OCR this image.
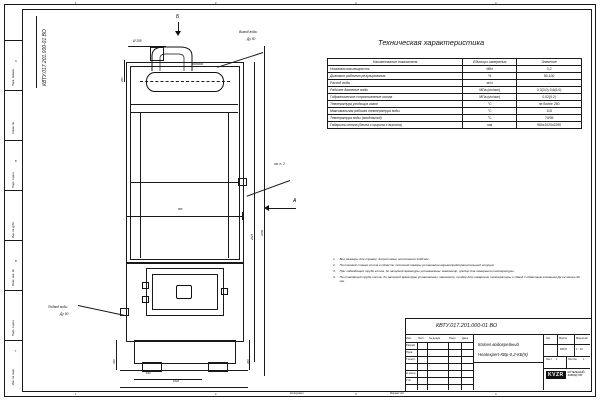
Перв. примен.
Справ. №
Подп. и дата
Инв. № дубл.
Взам. инв. №
Подп. и дата
Инв. № подл.
1	2	3	4
1	2	3	4
A
Б
В
Г
КВТУ.017.201.000-01 ВО
Б
Ø 250
Вывод воды
Ду 50
265
см. п. 2
А
865
2290
2025
Подвод воды
Ду 50
350	300
633
1020
Техническая характеристика
Наименование показателя	Единицы измерения	Значение
Номинальная мощность	МВт	0,2
Диапазон рабочего регулирования	%	50-100
Расход воды	м³/ч	-
Рабочее давление воды	МПа (кгс/см²)	0,3(3,0)-0,6(6,0)
Гидравлическое сопротивление котла	МПа (кгс/см²)	0,02(0,2)
Температура уходящих газов	°С	не более 250
Максимальная рабочая температура воды	°С	115
Температура воды (вход/выход)	°С	70/95
Габариты котла (длина х ширина х высота)	мм	960х1020х2290
1. Все размеры для справок; допустимые отклонения ±100 мм.
2. На пожовой стенке котла в области топочной камеры установлен взрывопредохранительный штуцер.
3. При подводящей трубе котла, до запорной арматуры установлены: манометр, прибор для измерения температуры.
4. На отводящей трубе котла, до запорной арматуры установлены: манометр, прибор для измерения температуры и обвод с обратным клапаном Ду не менее 40 мм.
КВТУ.017.201.000-01 ВО
Изм. Лист № докум.	Подп. Дата
Разраб.
Пров.
Т.контр.
Н.контр.
Утв.
Котел водогрейный
Heatexpert-КВр-0,2-КБ(К)
Лит.	Масса	Масштаб
669,8	1 : 10
Лист 1	Листов 1
KVZR	КОТЕЛЬНЫЙ
ЗАВОД УЗР
Копировал	Формат A3
